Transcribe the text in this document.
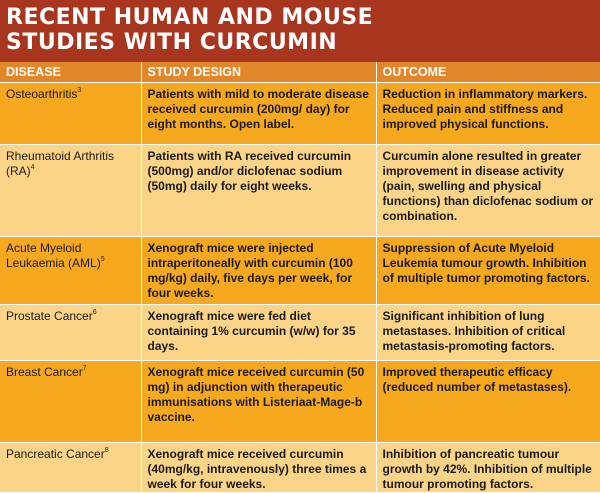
RECENT HUMAN AND MOUSE
STUDIES WITH CURCUMIN
DISEASE	STUDY DESIGN	OUTCOME
Osteoarthritis$^3$	Patients with mild to moderate disease received curcumin (200mg/ day) for eight months. Open label.	Reduction in inflammatory markers. Reduced pain and stiffness and improved physical functions.
Rheumatoid Arthritis (RA)$^4$	Patients with RA received curcumin (500mg) and/or diclofenac sodium (50mg) daily for eight weeks.	Curcumin alone resulted in greater improvement in disease activity (pain, swelling and physical functions) than diclofenac sodium or combination.
Acute Myeloid Leukaemia (AML)$^5$	Xenograft mice were injected intraperitoneally with curcumin (100 mg/kg) daily, five days per week, for four weeks.	Suppression of Acute Myeloid Leukemia tumour growth. Inhibition of multiple tumor promoting factors.
Prostate Cancer$^6$	Xenograft mice were fed diet containing 1% curcumin (w/w) for 35 days.	Significant inhibition of lung metastases. Inhibition of critical metastasis-promoting factors.
Breast Cancer$^7$	Xenograft mice received curcumin (50 mg) in adjunction with therapeutic immunisations with Listeriaat-Mage-b vaccine.	Improved therapeutic efficacy (reduced number of metastases).
Pancreatic Cancer$^8$	Xenograft mice received curcumin (40mg/kg, intravenously) three times a week for four weeks.	Inhibition of pancreatic tumour growth by 42%. Inhibition of multiple tumour promoting factors.
